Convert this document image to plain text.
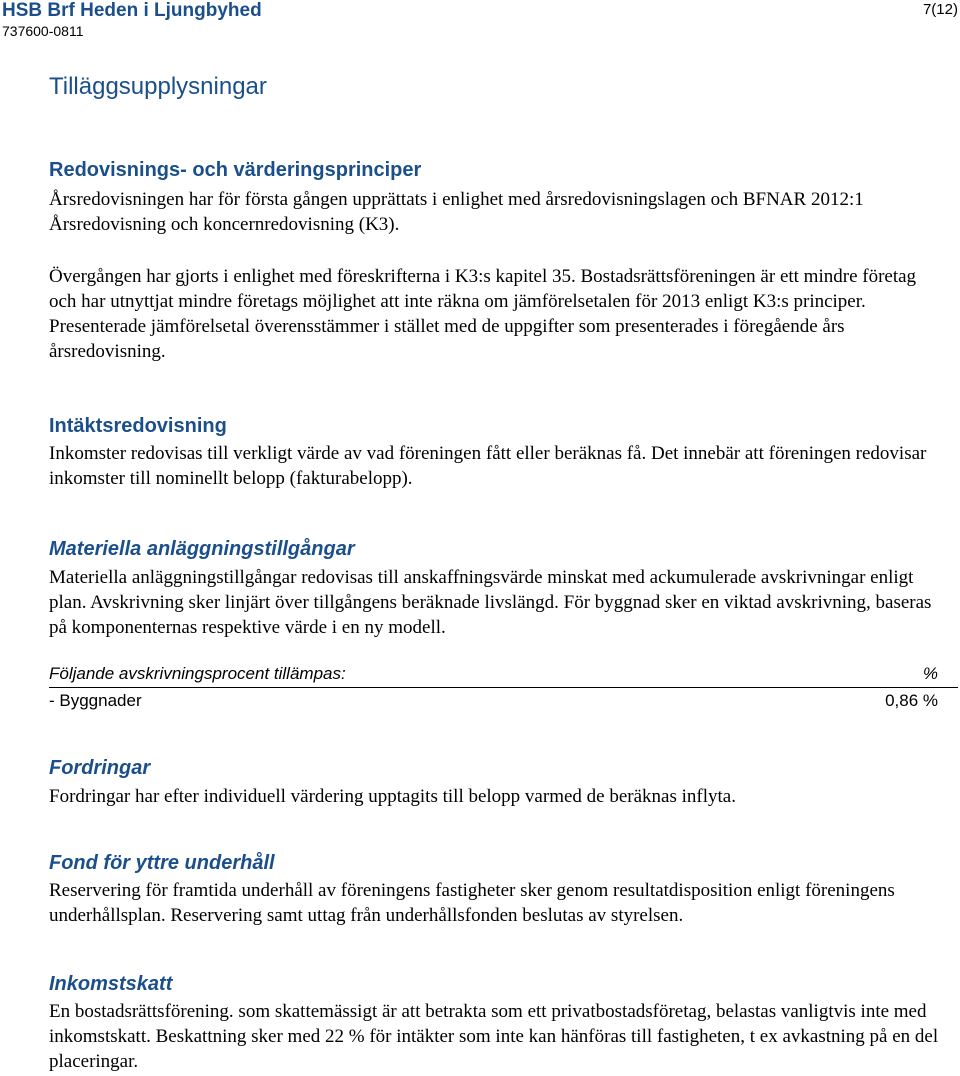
HSB Brf Heden i Ljungbyhed
737600-0811
7(12)
Tilläggsupplysningar
Redovisnings- och värderingsprinciper

Årsredovisningen har för första gången upprättats i enlighet med årsredovisningslagen och BFNAR 2012:1 Årsredovisning och koncernredovisning (K3).

Övergången har gjorts i enlighet med föreskrifterna i K3:s kapitel 35. Bostadsrättsföreningen är ett mindre företag och har utnyttjat mindre företags möjlighet att inte räkna om jämförelsetalen för 2013 enligt K3:s principer. Presenterade jämförelsetal överensstämmer i stället med de uppgifter som presenterades i föregående års årsredovisning.

Intäktsredovisning

Inkomster redovisas till verkligt värde av vad föreningen fått eller beräknas få. Det innebär att föreningen redovisar inkomster till nominellt belopp (fakturabelopp).

Materiella anläggningstillgångar

Materiella anläggningstillgångar redovisas till anskaffningsvärde minskat med ackumulerade avskrivningar enligt plan. Avskrivning sker linjärt över tillgångens beräknade livslängd. För byggnad sker en viktad avskrivning, baseras på komponenternas respektive värde i en ny modell.

Följande avskrivningsprocent tillämpas:	%
- Byggnader	0,86 %
Fordringar

Fordringar har efter individuell värdering upptagits till belopp varmed de beräknas inflyta.

Fond för yttre underhåll

Reservering för framtida underhåll av föreningens fastigheter sker genom resultatdisposition enligt föreningens underhållsplan. Reservering samt uttag från underhållsfonden beslutas av styrelsen.

Inkomstskatt

En bostadsrättsförening. som skattemässigt är att betrakta som ett privatbostadsföretag, belastas vanligtvis inte med inkomstskatt. Beskattning sker med 22 % för intäkter som inte kan hänföras till fastigheten, t ex avkastning på en del placeringar.
